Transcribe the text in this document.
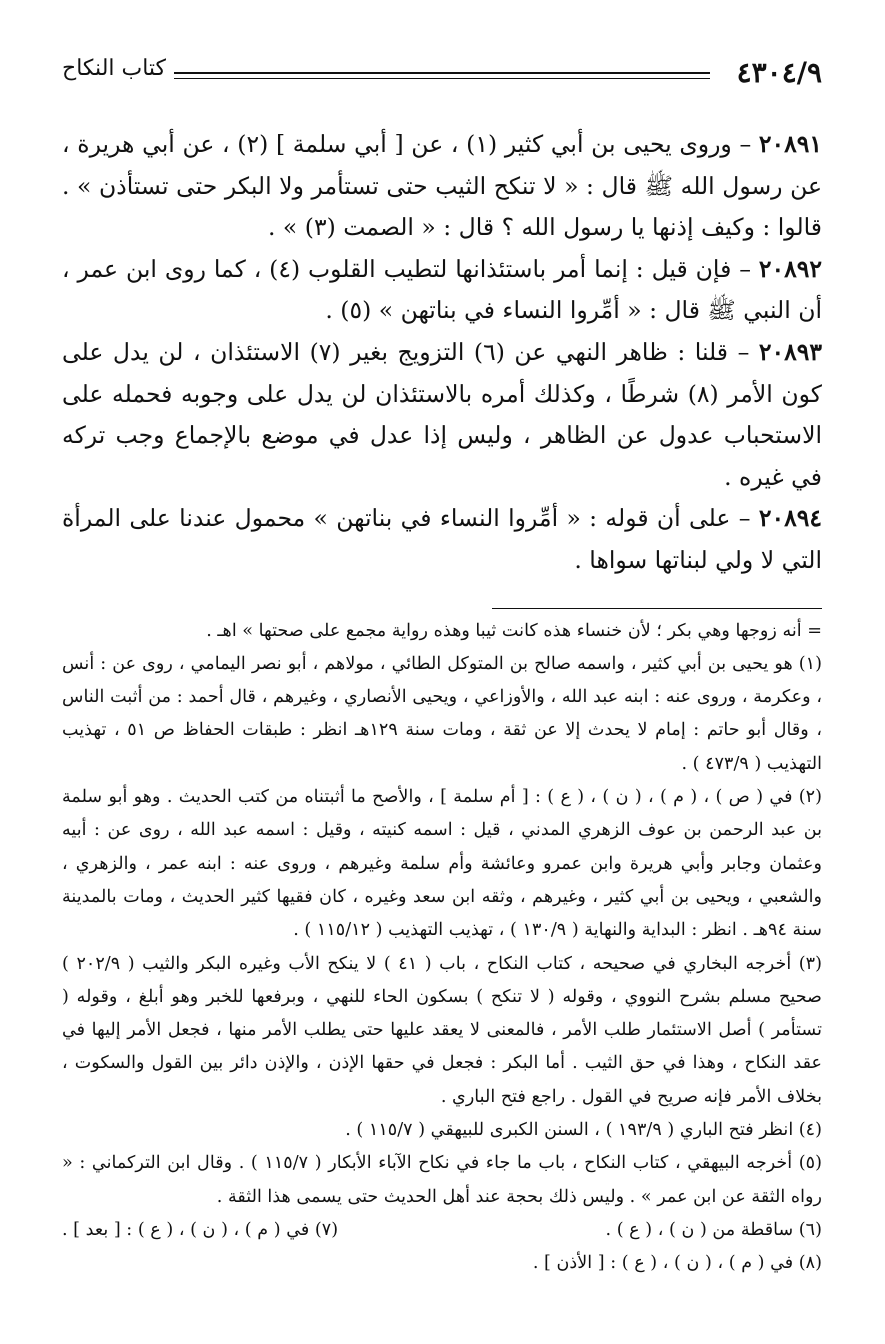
٤٣٠٤/٩
كتاب النكاح

٢٠٨٩١ – وروى يحيى بن أبي كثير (١) ، عن [ أبي سلمة ] (٢) ، عن أبي هريرة ، عن رسول الله ﷺ قال : « لا تنكح الثيب حتى تستأمر ولا البكر حتى تستأذن » . قالوا : وكيف إذنها يا رسول الله ؟ قال : « الصمت (٣) » .

٢٠٨٩٢ – فإن قيل : إنما أمر باستئذانها لتطيب القلوب (٤) ، كما روى ابن عمر ، أن النبي ﷺ قال : « أمِّروا النساء في بناتهن » (٥) .

٢٠٨٩٣ – قلنا : ظاهر النهي عن (٦) التزويج بغير (٧) الاستئذان ، لن يدل على كون الأمر (٨) شرطًا ، وكذلك أمره بالاستئذان لن يدل على وجوبه فحمله على الاستحباب عدول عن الظاهر ، وليس إذا عدل في موضع بالإجماع وجب تركه في غيره .

٢٠٨٩٤ – على أن قوله : « أمِّروا النساء في بناتهن » محمول عندنا على المرأة التي لا ولي لبناتها سواها .

= أنه زوجها وهي بكر ؛ لأن خنساء هذه كانت ثيبا وهذه رواية مجمع على صحتها » اهـ .

(١) هو يحيى بن أبي كثير ، واسمه صالح بن المتوكل الطائي ، مولاهم ، أبو نصر اليمامي ، روى عن : أنس ، وعكرمة ، وروى عنه : ابنه عبد الله ، والأوزاعي ، ويحيى الأنصاري ، وغيرهم ، قال أحمد : من أثبت الناس ، وقال أبو حاتم : إمام لا يحدث إلا عن ثقة ، ومات سنة ١٢٩هـ انظر : طبقات الحفاظ ص ٥١ ، تهذيب التهذيب ( ٤٧٣/٩ ) .

(٢) في ( ص ) ، ( م ) ، ( ن ) ، ( ع ) : [ أم سلمة ] ، والأصح ما أثبتناه من كتب الحديث . وهو أبو سلمة بن عبد الرحمن بن عوف الزهري المدني ، قيل : اسمه كنيته ، وقيل : اسمه عبد الله ، روى عن : أبيه وعثمان وجابر وأبي هريرة وابن عمرو وعائشة وأم سلمة وغيرهم ، وروى عنه : ابنه عمر ، والزهري ، والشعبي ، ويحيى بن أبي كثير ، وغيرهم ، وثقه ابن سعد وغيره ، كان فقيها كثير الحديث ، ومات بالمدينة سنة ٩٤هـ . انظر : البداية والنهاية ( ١٣٠/٩ ) ، تهذيب التهذيب ( ١١٥/١٢ ) .

(٣) أخرجه البخاري في صحيحه ، كتاب النكاح ، باب ( ٤١ ) لا ينكح الأب وغيره البكر والثيب ( ٢٠٢/٩ ) صحيح مسلم بشرح النووي ، وقوله ( لا تنكح ) بسكون الحاء للنهي ، وبرفعها للخبر وهو أبلغ ، وقوله ( تستأمر ) أصل الاستئمار طلب الأمر ، فالمعنى لا يعقد عليها حتى يطلب الأمر منها ، فجعل الأمر إليها في عقد النكاح ، وهذا في حق الثيب . أما البكر : فجعل في حقها الإذن ، والإذن دائر بين القول والسكوت ، بخلاف الأمر فإنه صريح في القول . راجع فتح الباري .

(٤) انظر فتح الباري ( ١٩٣/٩ ) ، السنن الكبرى للبيهقي ( ١١٥/٧ ) .

(٥) أخرجه البيهقي ، كتاب النكاح ، باب ما جاء في نكاح الآباء الأبكار ( ١١٥/٧ ) . وقال ابن التركماني : « رواه الثقة عن ابن عمر » . وليس ذلك بحجة عند أهل الحديث حتى يسمى هذا الثقة .

(٦) ساقطة من ( ن ) ، ( ع ) .
(٧) في ( م ) ، ( ن ) ، ( ع ) : [ بعد ] .

(٨) في ( م ) ، ( ن ) ، ( ع ) : [ الأذن ] .
